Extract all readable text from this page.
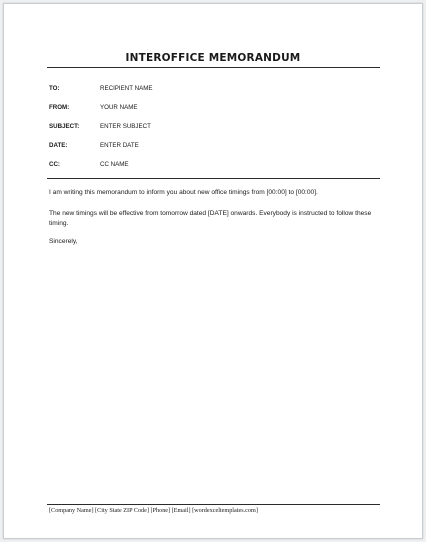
INTEROFFICE MEMORANDUM
TO:	RECIPIENT NAME
FROM:	YOUR NAME
SUBJECT:	ENTER SUBJECT
DATE:	ENTER DATE
CC:	CC NAME
I am writing this memorandum to inform you about new office timings from [00:00] to [00:00].
The new timings will be effective from tomorrow dated [DATE] onwards. Everybody is instructed to follow these timing.
Sincerely,
[Company Name] [City State ZIP Code] [Phone] [Email] [wordexceltemplates.com]
